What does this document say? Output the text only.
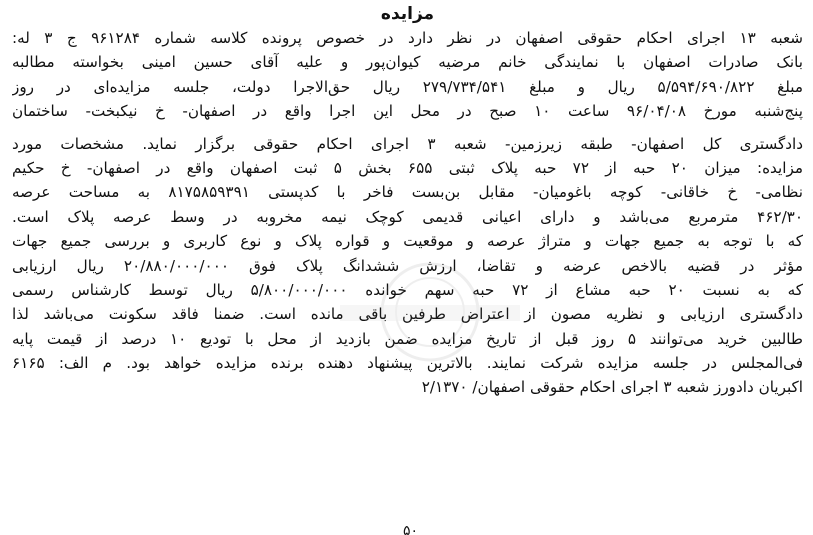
مزایده
شعبه ۱۳ اجرای احکام حقوقی اصفهان در نظر دارد در خصوص پرونده کلاسه شماره ۹۶۱۲۸۴ ج ۳ له:
بانک صادرات اصفهان با نمایندگی خانم مرضیه کیوان‌پور و علیه آقای حسین امینی بخواسته مطالبه
مبلغ ۵/۵۹۴/۶۹۰/۸۲۲ ریال و مبلغ ۲۷۹/۷۳۴/۵۴۱ ریال حق‌الاجرا دولت، جلسه مزایده‌ای در روز
پنج‌شنبه مورخ ۹۶/۰۴/۰۸ ساعت ۱۰ صبح در محل این اجرا واقع در اصفهان- خ نیکبخت- ساختمان
دادگستری کل اصفهان- طبقه زیرزمین- شعبه ۳ اجرای احکام حقوقی برگزار نماید. مشخصات مورد
مزایده: میزان ۲۰ حبه از ۷۲ حبه پلاک ثبتی ۶۵۵ بخش ۵ ثبت اصفهان واقع در اصفهان- خ حکیم
نظامی- خ خاقانی- کوچه باغومیان- مقابل بن‌بست فاخر با کدپستی ۸۱۷۵۸۵۹۳۹۱ به مساحت عرصه
۴۶۲/۳۰ مترمربع می‌باشد و دارای اعیانی قدیمی کوچک نیمه مخروبه در وسط عرصه پلاک است.
که با توجه به جمیع جهات و متراژ عرصه و موقعیت و قواره پلاک و نوع کاربری و بررسی جمیع جهات
مؤثر در قضیه بالاخص عرضه و تقاضا، ارزش ششدانگ پلاک فوق ۲۰/۸۸۰/۰۰۰/۰۰۰ ریال ارزیابی
که به نسبت ۲۰ حبه مشاع از ۷۲ حبه سهم خوانده ۵/۸۰۰/۰۰۰/۰۰۰ ریال توسط کارشناس رسمی
دادگستری ارزیابی و نظریه مصون از اعتراض طرفین باقی مانده است. ضمنا فاقد سکونت می‌باشد لذا
طالبین خرید می‌توانند ۵ روز قبل از تاریخ مزایده ضمن بازدید از محل با تودیع ۱۰ درصد از قیمت پایه
فی‌المجلس در جلسه مزایده شرکت نمایند. بالاترین پیشنهاد دهنده برنده مزایده خواهد بود. م الف: ۶۱۶۵
اکبریان دادورز شعبه ۳ اجرای احکام حقوقی اصفهان/ ۲/۱۳۷۰
۵۰
